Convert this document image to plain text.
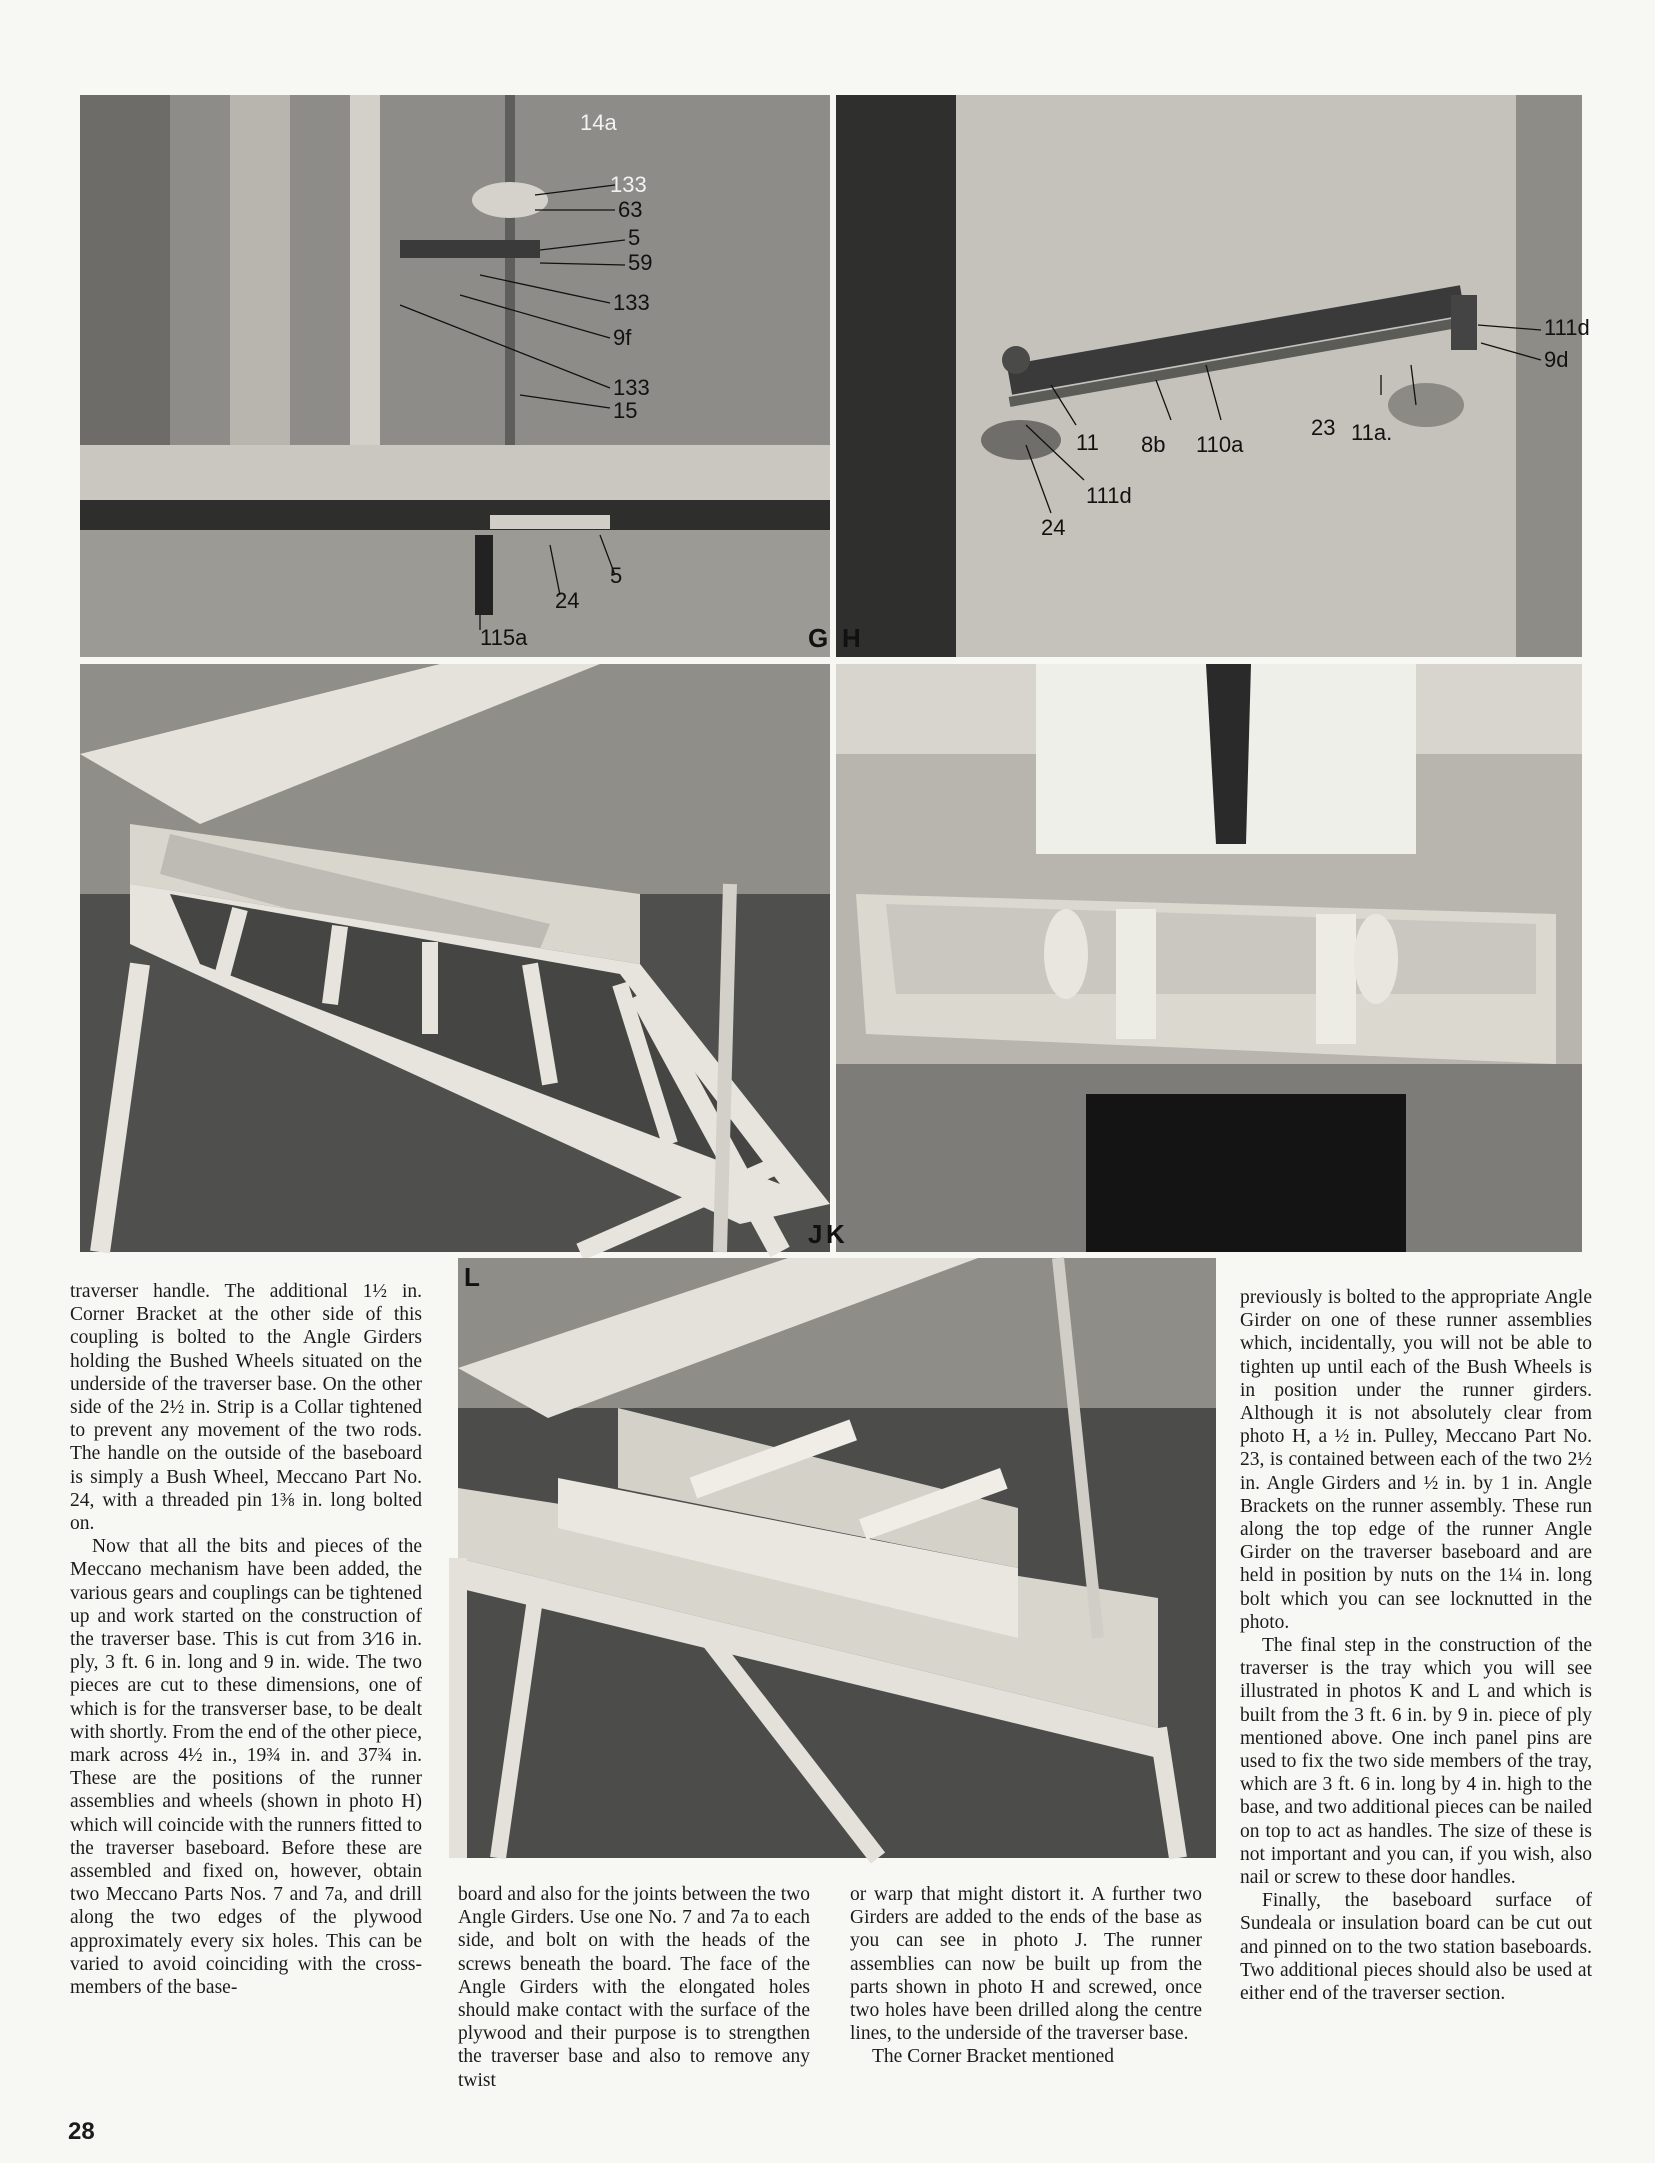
14a
133
63
5
59
133
9f
133
15
5
24
115a	G
111d
9d
11 8b 110a
23 11a.
111d
24
H
J K
L

traverser handle. The additional 1½ in. Corner Bracket at the other side of this coupling is bolted to the Angle Girders holding the Bushed Wheels situated on the underside of the traverser base. On the other side of the 2½ in. Strip is a Collar tightened to prevent any movement of the two rods. The handle on the outside of the baseboard is simply a Bush Wheel, Meccano Part No. 24, with a threaded pin 1⅜ in. long bolted on.

Now that all the bits and pieces of the Meccano mechanism have been added, the various gears and couplings can be tightened up and work started on the construction of the traverser base. This is cut from 3⁄16 in. ply, 3 ft. 6 in. long and 9 in. wide. The two pieces are cut to these dimensions, one of which is for the transverser base, to be dealt with shortly. From the end of the other piece, mark across 4½ in., 19¾ in. and 37¾ in. These are the positions of the runner assemblies and wheels (shown in photo H) which will coincide with the runners fitted to the traverser baseboard. Before these are assembled and fixed on, however, obtain two Meccano Parts Nos. 7 and 7a, and drill along the two edges of the plywood approximately every six holes. This can be varied to avoid coinciding with the cross-members of the base-

board and also for the joints between the two Angle Girders. Use one No. 7 and 7a to each side, and bolt on with the heads of the screws beneath the board. The face of the Angle Girders with the elongated holes should make contact with the surface of the plywood and their purpose is to strengthen the traverser base and also to remove any twist

or warp that might distort it. A further two Girders are added to the ends of the base as you can see in photo J. The runner assemblies can now be built up from the parts shown in photo H and screwed, once two holes have been drilled along the centre lines, to the underside of the traverser base.

The Corner Bracket mentioned

previously is bolted to the appropriate Angle Girder on one of these runner assemblies which, incidentally, you will not be able to tighten up until each of the Bush Wheels is in position under the runner girders. Although it is not absolutely clear from photo H, a ½ in. Pulley, Meccano Part No. 23, is contained between each of the two 2½ in. Angle Girders and ½ in. by 1 in. Angle Brackets on the runner assembly. These run along the top edge of the runner Angle Girder on the traverser baseboard and are held in position by nuts on the 1¼ in. long bolt which you can see locknutted in the photo.

The final step in the construction of the traverser is the tray which you will see illustrated in photos K and L and which is built from the 3 ft. 6 in. by 9 in. piece of ply mentioned above. One inch panel pins are used to fix the two side members of the tray, which are 3 ft. 6 in. long by 4 in. high to the base, and two additional pieces can be nailed on top to act as handles. The size of these is not important and you can, if you wish, also nail or screw to these door handles.

Finally, the baseboard surface of Sundeala or insulation board can be cut out and pinned on to the two station baseboards. Two additional pieces should also be used at either end of the traverser section.

28
